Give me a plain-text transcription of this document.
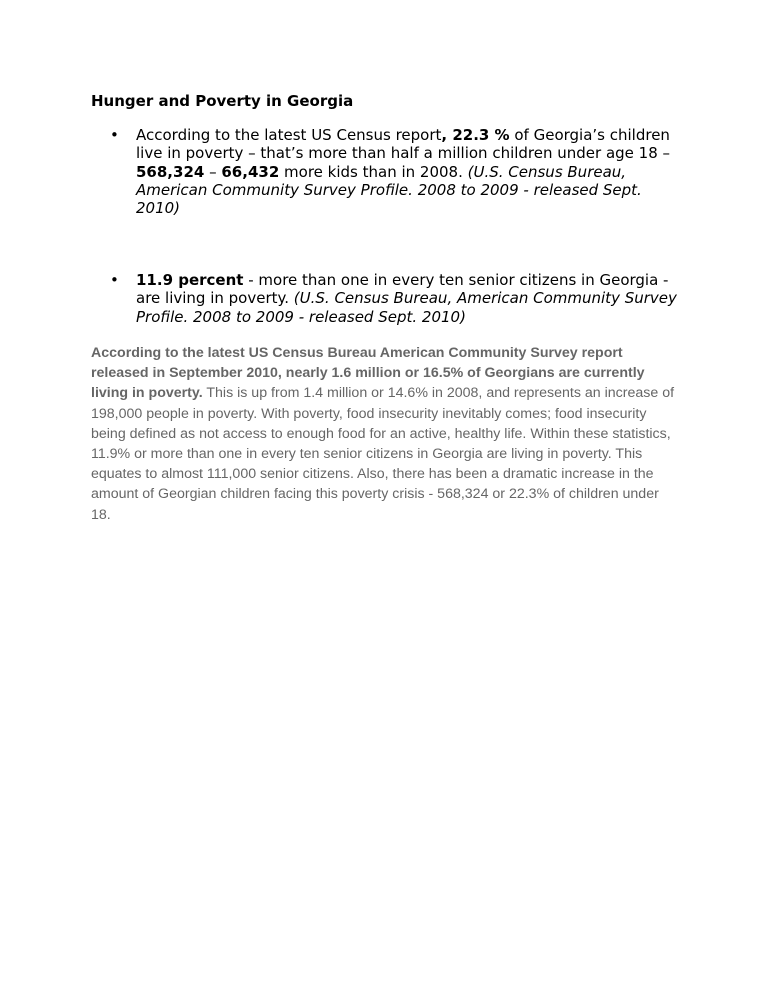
Hunger and Poverty in Georgia
•	According to the latest US Census report, 22.3 % of Georgia’s children live in poverty – that’s more than half a million children under age 18 – 568,324 – 66,432 more kids than in 2008. (U.S. Census Bureau, American Community Survey Profile. 2008 to 2009 - released Sept. 2010)
•	11.9 percent - more than one in every ten senior citizens in Georgia - are living in poverty. (U.S. Census Bureau, American Community Survey Profile. 2008 to 2009 - released Sept. 2010)

According to the latest US Census Bureau American Community Survey report released in September 2010, nearly 1.6 million or 16.5% of Georgians are currently living in poverty. This is up from 1.4 million or 14.6% in 2008, and represents an increase of 198,000 people in poverty. With poverty, food insecurity inevitably comes; food insecurity being defined as not access to enough food for an active, healthy life. Within these statistics, 11.9% or more than one in every ten senior citizens in Georgia are living in poverty. This equates to almost 111,000 senior citizens. Also, there has been a dramatic increase in the amount of Georgian children facing this poverty crisis - 568,324 or 22.3% of children under 18.
